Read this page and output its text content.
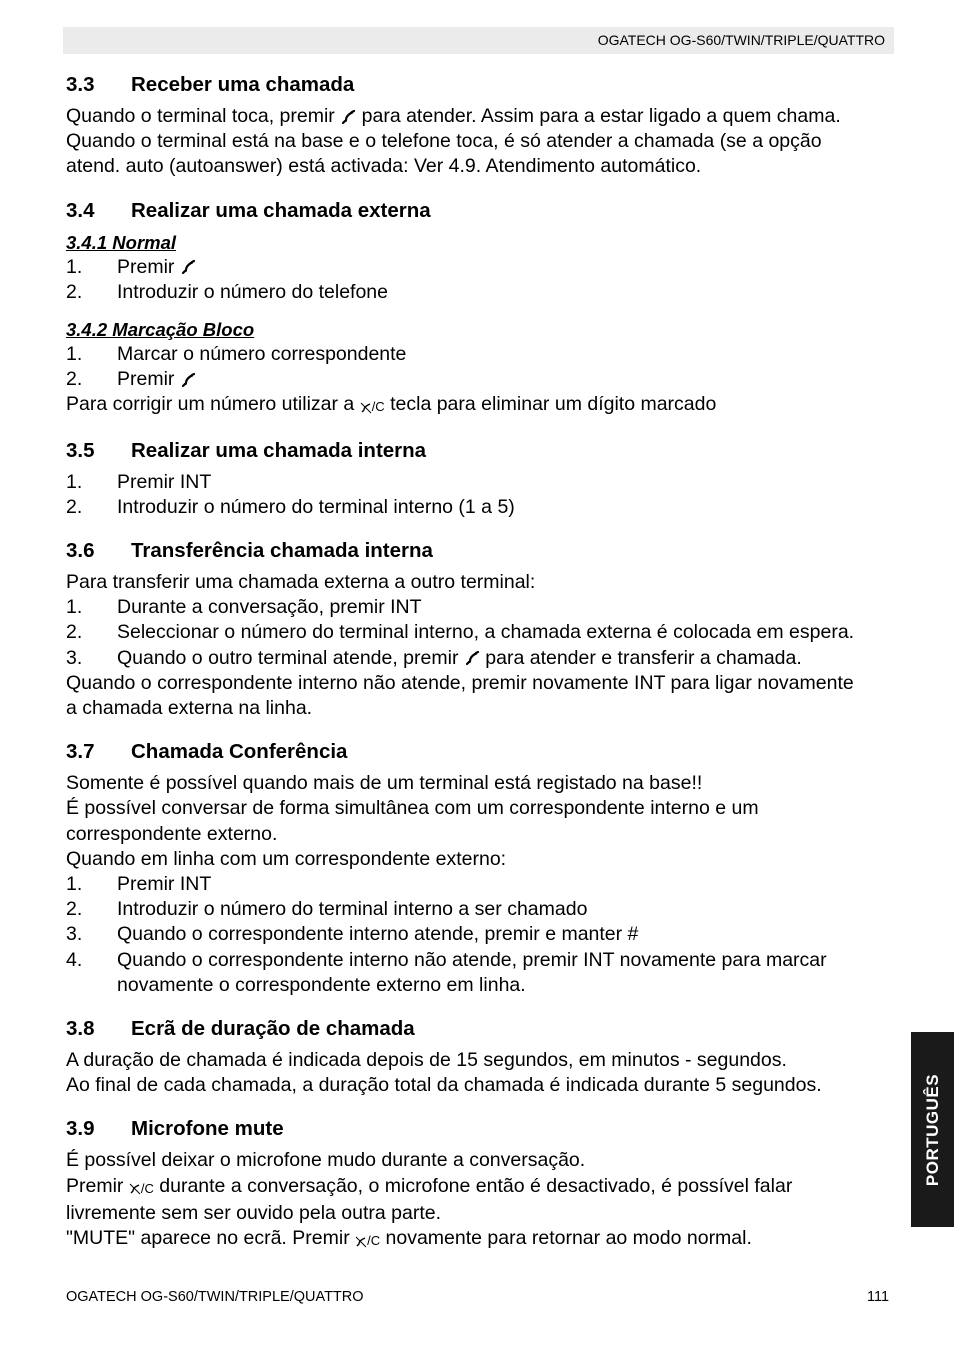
OGATECH OG-S60/TWIN/TRIPLE/QUATTRO
3.3	Receber uma chamada

Quando o terminal toca, premir  para atender. Assim para a estar ligado a quem chama.

Quando o terminal está na base e o telefone toca, é só atender a chamada (se a opção

atend. auto (autoanswer) está activada: Ver 4.9. Atendimento automático.

3.4	Realizar uma chamada externa
3.4.1 Normal
1.	Premir
2.	Introduzir o número do telefone
3.4.2 Marcação Bloco
1.	Marcar o número correspondente
2.	Premir

Para corrigir um número utilizar a /C tecla para eliminar um dígito marcado

3.5	Realizar uma chamada interna
1.	Premir INT
2.	Introduzir o número do terminal interno (1 a 5)
3.6	Transferência chamada interna

Para transferir uma chamada externa a outro terminal:

1.	Durante a conversação, premir INT
2.	Seleccionar o número do terminal interno, a chamada externa é colocada em espera.
3.	Quando o outro terminal atende, premir  para atender e transferir a chamada.

Quando o correspondente interno não atende, premir novamente INT para ligar novamente

a chamada externa na linha.

3.7	Chamada Conferência

Somente é possível quando mais de um terminal está registado na base!!

É possível conversar de forma simultânea com um correspondente interno e um

correspondente externo.

Quando em linha com um correspondente externo:

1.	Premir INT
2.	Introduzir o número do terminal interno a ser chamado
3.	Quando o correspondente interno atende, premir e manter #
4.	Quando o correspondente interno não atende, premir INT novamente para marcar
novamente o correspondente externo em linha.
3.8	Ecrã de duração de chamada

A duração de chamada é indicada depois de 15 segundos, em minutos - segundos.

Ao final de cada chamada, a duração total da chamada é indicada durante 5 segundos.

3.9	Microfone mute

É possível deixar o microfone mudo durante a conversação.

Premir /C durante a conversação, o microfone então é desactivado, é possível falar

livremente sem ser ouvido pela outra parte.

"MUTE" aparece no ecrã. Premir /C novamente para retornar ao modo normal.

OGATECH OG-S60/TWIN/TRIPLE/QUATTRO	111
PORTUGUÊS
